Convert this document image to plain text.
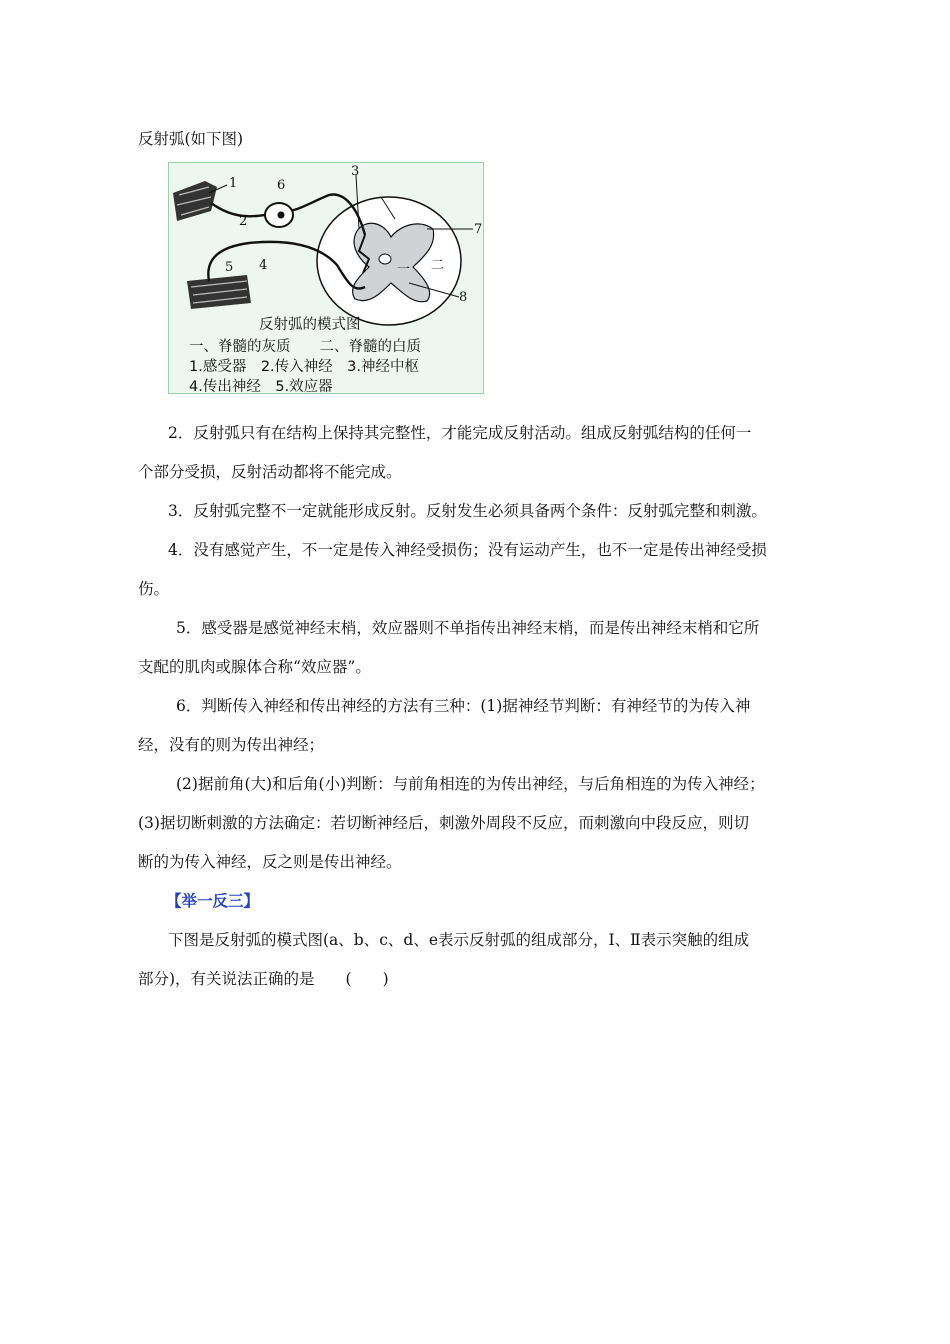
反射弧(如下图)
一 二
1
2
3
4
5
6
7
8
反射弧的模式图
一、脊髓的灰质　　二、脊髓的白质
1.感受器　2.传入神经　3.神经中枢
4.传出神经　5.效应器
2．反射弧只有在结构上保持其完整性，才能完成反射活动。组成反射弧结构的任何一
个部分受损，反射活动都将不能完成。
3．反射弧完整不一定就能形成反射。反射发生必须具备两个条件：反射弧完整和刺激。
4．没有感觉产生，不一定是传入神经受损伤；没有运动产生，也不一定是传出神经受损
伤。
5．感受器是感觉神经末梢，效应器则不单指传出神经末梢，而是传出神经末梢和它所
支配的肌肉或腺体合称“效应器”。
6．判断传入神经和传出神经的方法有三种：(1)据神经节判断：有神经节的为传入神
经，没有的则为传出神经；
(2)据前角(大)和后角(小)判断：与前角相连的为传出神经，与后角相连的为传入神经；
(3)据切断刺激的方法确定：若切断神经后，刺激外周段不反应，而刺激向中段反应，则切
断的为传入神经，反之则是传出神经。
【举一反三】
下图是反射弧的模式图(a、b、c、d、e表示反射弧的组成部分，Ⅰ、Ⅱ表示突触的组成
部分)，有关说法正确的是　　(　　)
